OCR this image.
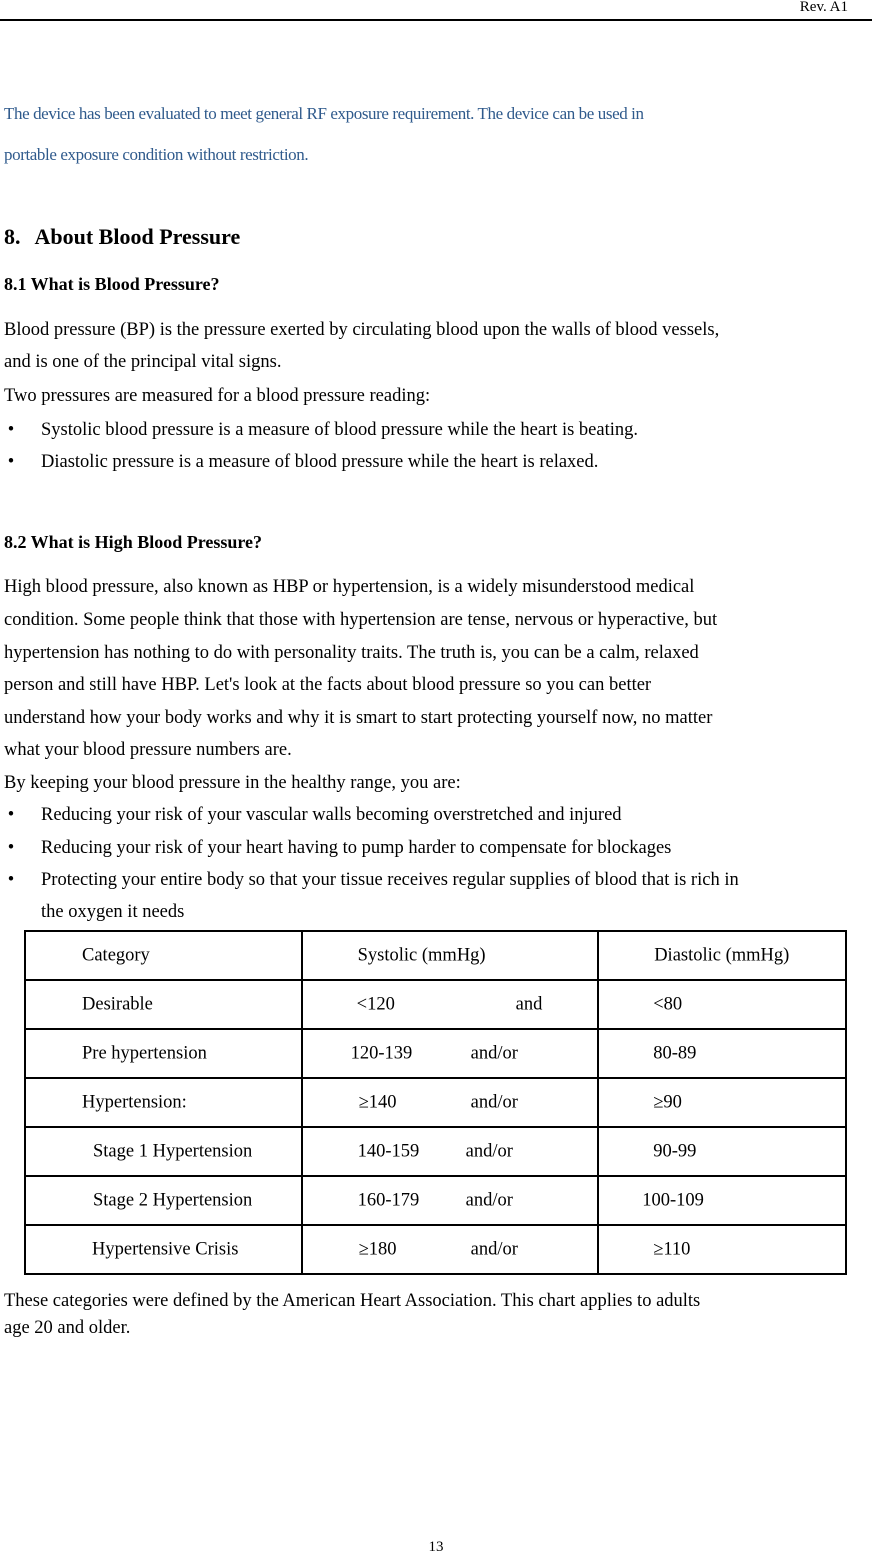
Rev. A1
The device has been evaluated to meet general RF exposure requirement. The device can be used in
portable exposure condition without restriction.
8. About Blood Pressure
8.1 What is Blood Pressure?
Blood pressure (BP) is the pressure exerted by circulating blood upon the walls of blood vessels,
and is one of the principal vital signs.
Two pressures are measured for a blood pressure reading:
• Systolic blood pressure is a measure of blood pressure while the heart is beating.
• Diastolic pressure is a measure of blood pressure while the heart is relaxed.
8.2 What is High Blood Pressure?
High blood pressure, also known as HBP or hypertension, is a widely misunderstood medical
condition. Some people think that those with hypertension are tense, nervous or hyperactive, but
hypertension has nothing to do with personality traits. The truth is, you can be a calm, relaxed
person and still have HBP. Let's look at the facts about blood pressure so you can better
understand how your body works and why it is smart to start protecting yourself now, no matter
what your blood pressure numbers are.
By keeping your blood pressure in the healthy range, you are:
• Reducing your risk of your vascular walls becoming overstretched and injured
• Reducing your risk of your heart having to pump harder to compensate for blockages
• Protecting your entire body so that your tissue receives regular supplies of blood that is rich in
the oxygen it needs
Category	Systolic (mmHg)	Diastolic (mmHg)

Desirable	<120 and	<80

Pre hypertension	120-139 and/or	80-89

Hypertension:	≥140 and/or	≥90

Stage 1 Hypertension	140-159 and/or	90-99

Stage 2 Hypertension	160-179 and/or	100-109

Hypertensive Crisis	≥180 and/or	≥110
These categories were defined by the American Heart Association. This chart applies to adults
age 20 and older.
13
